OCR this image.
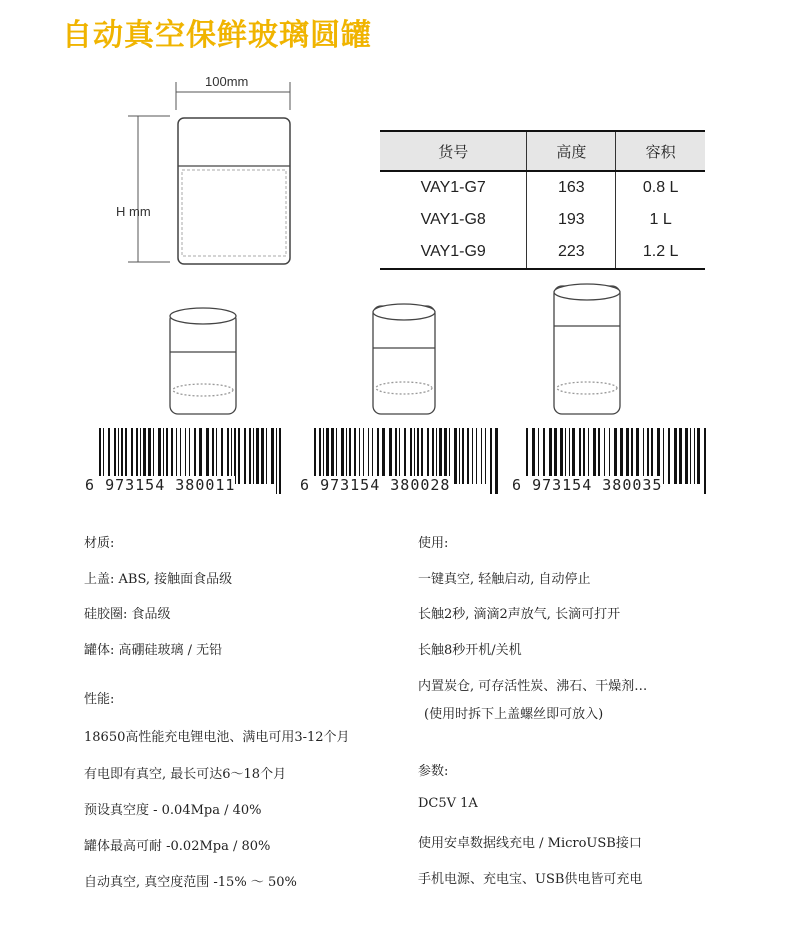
自动真空保鲜玻璃圆罐
100mm
H mm
货号	高度	容积
VAY1-G7	163	0.8 L
VAY1-G8	193	1 L
VAY1-G9	223	1.2 L
6 973154 380011	6 973154 380028	6 973154 380035
材质:
上盖: ABS, 接触面食品级
硅胶圈: 食品级
罐体: 高硼硅玻璃 / 无铅
性能:
18650高性能充电锂电池、满电可用3-12个月
有电即有真空, 最长可达6～18个月
预设真空度 - 0.04Mpa / 40%
罐体最高可耐 -0.02Mpa / 80%
自动真空, 真空度范围 -15% ～ 50%
使用:
一键真空, 轻触启动, 自动停止
长触2秒, 滴滴2声放气, 长滴可打开
长触8秒开机/关机
内置炭仓, 可存活性炭、沸石、干燥剂…
(使用时拆下上盖螺丝即可放入)
参数:
DC5V 1A
使用安卓数据线充电 / MicroUSB接口
手机电源、充电宝、USB供电皆可充电
